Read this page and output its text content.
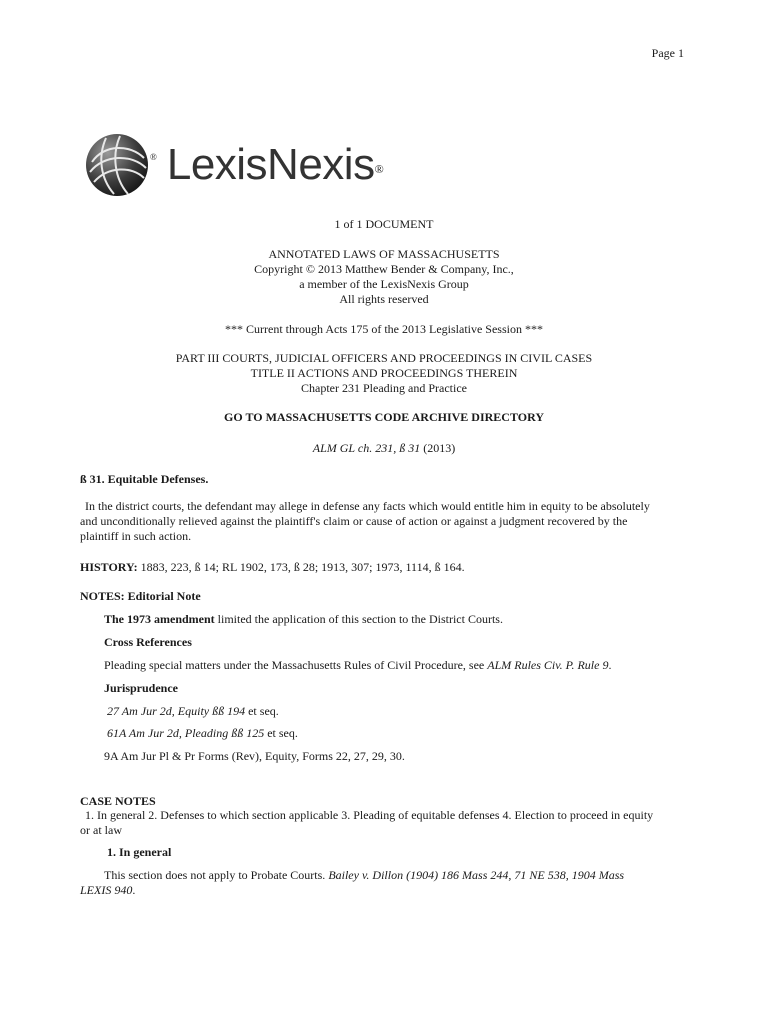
Page 1
® LexisNexis ®
1 of 1 DOCUMENT
ANNOTATED LAWS OF MASSACHUSETTS
Copyright © 2013 Matthew Bender & Company, Inc.,
a member of the LexisNexis Group
All rights reserved
*** Current through Acts 175 of the 2013 Legislative Session ***
PART III COURTS, JUDICIAL OFFICERS AND PROCEEDINGS IN CIVIL CASES
TITLE II ACTIONS AND PROCEEDINGS THEREIN
Chapter 231 Pleading and Practice
GO TO MASSACHUSETTS CODE ARCHIVE DIRECTORY
ALM GL ch. 231, ß 31 (2013)
ß 31. Equitable Defenses.
In the district courts, the defendant may allege in defense any facts which would entitle him in equity to be absolutely
and unconditionally relieved against the plaintiff's claim or cause of action or against a judgment recovered by the
plaintiff in such action.
HISTORY: 1883, 223, ß 14; RL 1902, 173, ß 28; 1913, 307; 1973, 1114, ß 164.
NOTES: Editorial Note
The 1973 amendment limited the application of this section to the District Courts.
Cross References
Pleading special matters under the Massachusetts Rules of Civil Procedure, see ALM Rules Civ. P. Rule 9.
Jurisprudence
27 Am Jur 2d, Equity ßß 194 et seq.
61A Am Jur 2d, Pleading ßß 125 et seq.
9A Am Jur Pl & Pr Forms (Rev), Equity, Forms 22, 27, 29, 30.
CASE NOTES
1. In general 2. Defenses to which section applicable 3. Pleading of equitable defenses 4. Election to proceed in equity
or at law
1. In general
This section does not apply to Probate Courts. Bailey v. Dillon (1904) 186 Mass 244, 71 NE 538, 1904 Mass
LEXIS 940.
